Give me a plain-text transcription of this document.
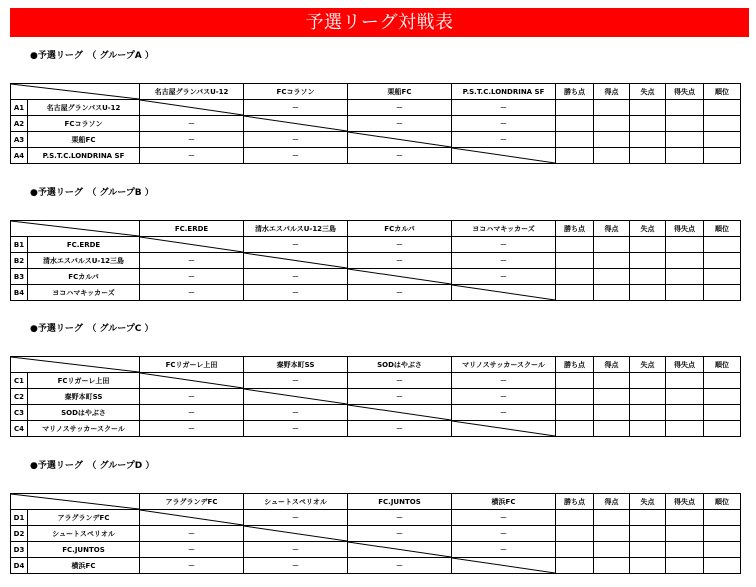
予選リーグ対戦表
●予選リーグ　（ グループA ）
	名古屋グランパスU-12	FCコラソン	栗船FC	P.S.T.C.LONDRINA SF	勝ち点	得点	失点	得失点	順位
A1	名古屋グランパスU-12		－	－	－					
A2	FCコラソン	－		－	－					
A3	栗船FC	－	－		－					
A4	P.S.T.C.LONDRINA SF	－	－	－	

●予選リーグ　（ グループB ）
	FC.ERDE	清水エスパルスU-12三島	FCカルパ	ヨコハマキッカーズ	勝ち点	得点	失点	得失点	順位
B1	FC.ERDE		－	－	－					
B2	清水エスパルスU-12三島	－		－	－					
B3	FCカルパ	－	－		－					
B4	ヨコハマキッカーズ	－	－	－	

●予選リーグ　（ グループC ）
	FCリガーレ上田	秦野本町SS	SODはやぶさ	マリノスサッカースクール	勝ち点	得点	失点	得失点	順位
C1	FCリガーレ上田		－	－	－					
C2	秦野本町SS	－		－	－					
C3	SODはやぶさ	－	－		－					
C4	マリノスサッカースクール	－	－	－	

●予選リーグ　（ グループD ）
	アラグランデFC	シュートスペリオル	FC.JUNTOS	横浜FC	勝ち点	得点	失点	得失点	順位
D1	アラグランデFC		－	－	－					
D2	シュートスペリオル	－		－	－					
D3	FC.JUNTOS	－	－		－					
D4	横浜FC	－	－	－	
